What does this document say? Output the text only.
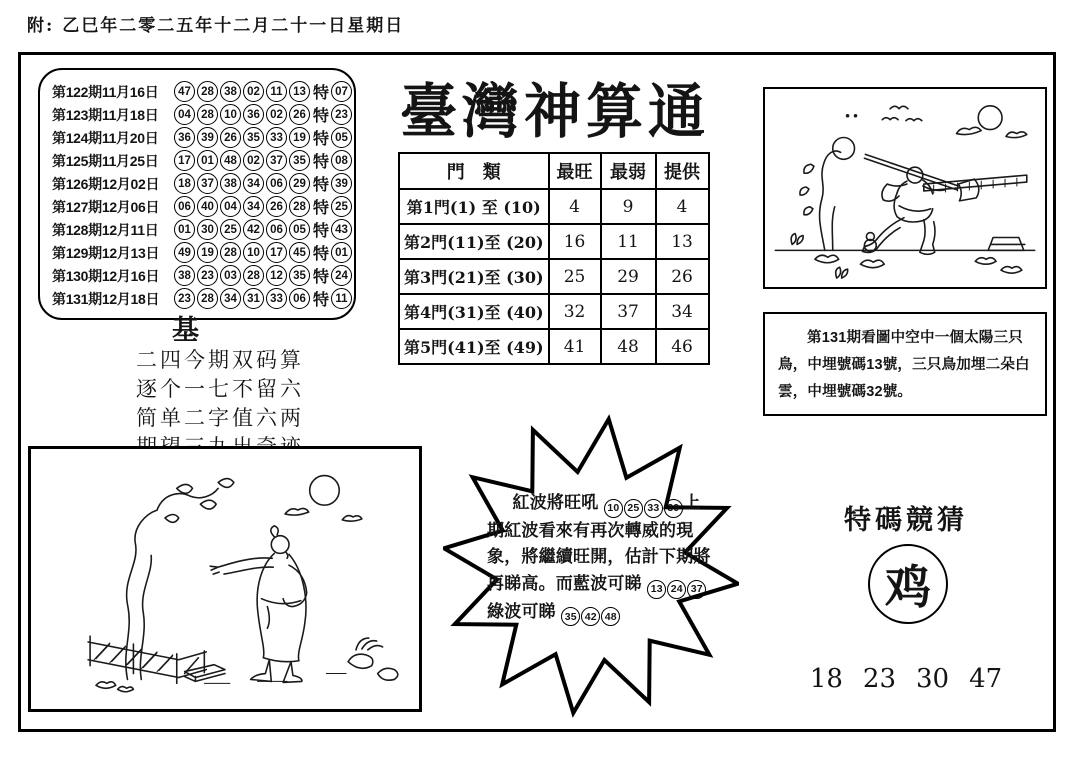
附: 乙巳年二零二五年十二月二十一日星期日
第122期11月16日	47 28 38 02 11 13 特 07
第123期11月18日	04 28 10 36 02 26 特 23
第124期11月20日	36 39 26 35 33 19 特 05
第125期11月25日	17 01 48 02 37 35 特 08
第126期12月02日	18 37 38 34 06 29 特 39
第127期12月06日	06 40 04 34 26 28 特 25
第128期12月11日	01 30 25 42 06 05 特 43
第129期12月13日	49 19 28 10 17 45 特 01
第130期12月16日	38 23 03 28 12 35 特 24
第131期12月18日	23 28 34 31 33 06 特 11
臺灣神算通
門　類	最旺	最弱	提供
第1門(1) 至 (10)	4	9	4
第2門(11)至 (20)	16	11	13
第3門(21)至 (30)	25	29	26
第4門(31)至 (40)	32	37	34
第5門(41)至 (49)	41	48	46
基
二四今期双码算
逐个一七不留六
简单二字值六两
紅波將旺吼 10 25 33 39 上期紅波看來有再次轉威的現象，將繼續旺開，估計下期將再睇高。而藍波可睇 13 24 37綠波可睇 35 42 48
第131期看圖中空中一個太陽三只鳥，中埋號碼13號，三只鳥加埋二朵白雲，中埋號碼32號。
特碼競猜
鸡
18 23 30 47
